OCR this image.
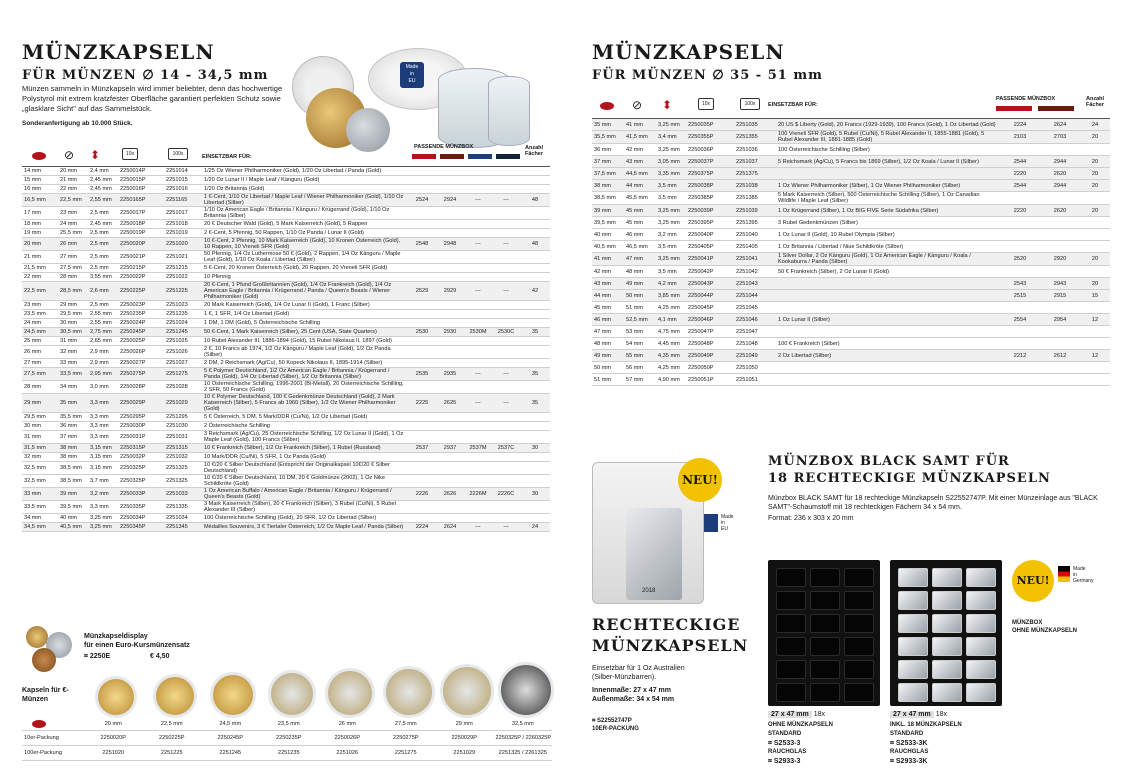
MÜNZKAPSELN
FÜR MÜNZEN ∅ 14 - 34,5 mm
Münzen sammeln in Münzkapseln wird immer beliebter, denn das hochwertige Polystyrol mit extrem kratzfester Oberfläche garantiert perfekten Schutz sowie „glasklare Sicht" auf das Sammelstück.
Sonderanfertigung ab 10.000 Stück.
Made
in
EU
⊘ ⬍	10x	100x	EINSETZBAR FÜR:
PASSENDE MÜNZBOX	Anzahl Fächer
14 mm	20 mm	2,4 mm	2250014P	2251014	1/25 Oz Wiener Philharmoniker (Gold), 1/20 Oz Libertad / Panda (Gold)					
15 mm	21 mm	2,45 mm	2250015P	2251015	1/20 Oz Lunar II / Maple Leaf / Känguru (Gold)					
16 mm	22 mm	2,45 mm	2250016P	2251016	1/20 Oz Britannia (Gold)					
16,5 mm	22,5 mm	2,55 mm	2250165P	2251165	1 €-Cent, 1/10 Oz Libertad / Maple Leaf / Wiener Philharmoniker (Gold), 1/10 Oz Libertad (Silber)	2524	2924	---	---	48
17 mm	23 mm	2,5 mm	2250017P	2251017	1/10 Oz American Eagle / Britannia / Känguru / Krügerrand (Gold), 1/10 Oz Britannia (Silber)					
18 mm	24 mm	2,45 mm	2250018P	2251018	20 € Deutscher Wald (Gold), 5 Mark Kaiserreich (Gold), 5 Rappen					
19 mm	25,5 mm	2,5 mm	2250019P	2251019	2 €-Cent, 5 Pfennig, 50 Rappen, 1/10 Oz Panda / Lunar II (Gold)					
20 mm	26 mm	2,5 mm	2250020P	2251020	10 €-Cent, 2 Pfennig, 10 Mark Kaiserreich (Gold), 10 Kronen Österreich (Gold), 10 Rappen, 10 Vreneli SFR (Gold)	2548	2948	---	---	48
21 mm	27 mm	2,5 mm	2250021P	2251021	50 Pfennig, 1/4 Oz Luthermose 50 € (Gold), 2 Rappen, 1/4 Oz Känguru / Maple Leaf (Gold), 1/10 Oz Koala / Libertad (Silber)					
21,5 mm	27,5 mm	2,5 mm	2250215P	2251215	5 €-Cent, 20 Kronen Österreich (Gold), 20 Rappen, 20 Vreneli SFR (Gold)					
22 mm	28 mm	3,55 mm	2250022P	2251022	10 Pfennig					
22,5 mm	28,5 mm	2,6 mm	2250225P	2251225	20 €-Cent, 1 Pfund Großbritannien (Gold), 1/4 Oz Frankreich (Gold), 1/4 Oz American Eagle / Britannia / Krügerrand / Panda / Queen's Beasts / Wiener Philharmoniker (Gold)	2529	2929	---	---	42
23 mm	29 mm	2,5 mm	2250023P	2251023	20 Mark Kaiserreich (Gold), 1/4 Oz Lunar II (Gold), 1 Franc (Silber)					
23,5 mm	29,5 mm	2,55 mm	2250235P	2251235	1 €, 1 SFR, 1/4 Oz Libertad (Gold)					
24 mm	30 mm	2,55 mm	2250024P	2251024	1 DM, 1 DM (Gold), 5 Österreichische Schilling					
24,5 mm	30,5 mm	2,75 mm	2250245P	2251245	50 €-Cent, 1 Mark Kaiserreich (Silber), 25 Cent (USA, State Quarters)	2530	2930	2530M	2530C	35
25 mm	31 mm	2,65 mm	2250025P	2251025	10 Rubel Alexander III, 1886-1894 (Gold), 15 Rubel Nikolaus II, 1897 (Gold)					
26 mm	32 mm	2,9 mm	2250026P	2251026	2 €, 10 Francs ab 1974, 1/2 Oz Känguru / Maple Leaf (Gold), 1/2 Oz Panda (Silber)					
27 mm	33 mm	2,9 mm	2250027P	2251027	2 DM, 2 Reichsmark (Ag/Cu), 50 Kopeck Nikolaus II, 1895-1914 (Silber)					
27,5 mm	33,5 mm	2,95 mm	2250275P	2251275	5 € Polymer Deutschland, 1/2 Oz American Eagle / Britannia / Krügerrand / Panda (Gold), 1/4 Oz Libertad (Silber), 1/2 Oz Britannia (Silber)	2535	2935	---	---	35
28 mm	34 mm	3,0 mm	2250028P	2251028	10 Österreichische Schilling, 1996-2001 (Bi-Metall), 20 Österreichische Schilling, 2 SFR, 50 Francs (Gold)					
29 mm	35 mm	3,3 mm	2250029P	2251029	10 € Polymer Deutschland, 100 € Gedenkmünze Deutschland (Gold), 2 Mark Kaiserreich (Silber), 5 Francs ab 1960 (Silber), 1/2 Oz Wiener Philharmoniker (Gold)	2225	2625	---	---	35
29,5 mm	35,5 mm	3,3 mm	2250295P	2251295	5 € Österreich, 5 DM, 5 Mark/DDR (Cu/Ni), 1/2 Oz Libertad (Gold)					
30 mm	36 mm	3,3 mm	2250030P	2251030	2 Österreichische Schilling					
31 mm	37 mm	3,3 mm	2250031P	2251031	3 Reichsmark (Ag/Cu), 25 Österreichische Schilling, 1/2 Oz Lunar II (Gold), 1 Oz Maple Leaf (Gold), 100 Francs (Silber)					
31,5 mm	38 mm	3,15 mm	2250315P	2251315	10 € Frankreich (Silber), 1/2 Oz Frankreich (Silber), 1 Rubel (Russland)	2537	2937	2537M	2537C	30
32 mm	38 mm	3,15 mm	2250032P	2251032	10 Mark/DDR (Cu/Ni), 5 SFR, 1 Oz Panda (Gold)					
32,5 mm	38,5 mm	3,15 mm	2250325P	2251325	10 €/20 € Silber Deutschland (Entspricht der Originalkapsel 10€/20 € Silber Deutschland)					
32,5 mm	38,5 mm	3,7 mm	2250325P	2251325	10 €/20 € Silber Deutschland, 10 DM, 20 € Goldmünze (2002), 1 Oz Nike Schildkröte (Gold)					
33 mm	39 mm	3,2 mm	2250033P	2251033	1 Oz American Buffalo / American Eagle / Britannia / Känguru / Krügerrand / Queen's Beasts (Gold)	2226	2626	2226M	2226C	30
33,5 mm	39,5 mm	3,3 mm	2250335P	2251335	3 Mark Kaiserreich (Silber), 20 € Frankreich (Silber), 3 Rubel (Cu/Ni), 5 Rubel Alexander III (Silber)					
34 mm	40 mm	3,25 mm	2250034P	2251034	100 Österreichische Schilling (Gold), 20 SFR, 1/2 Oz Libertad (Silber)					
34,5 mm	40,5 mm	3,25 mm	2250345P	2251345	Médailles Souvenirs, 3 € Tiertaler Österreich, 1/2 Oz Maple Leaf / Panda (Silber)	2224	2624	---	---	24
Münzkapseldisplay
für einen Euro-Kursmünzensatz
⌗ 2250E	€ 4,50
Kapseln für €-Münzen
	20 mm	22,5 mm	24,5 mm	23,5 mm	26 mm	27,5 mm	29 mm	32,5 mm
10er-Packung	2250020P	2250225P	2250245P	2250235P	2250026P	2250275P	2250029P	2250325P / 2260325P
100er-Packung	2251020	2251225	2251245	2251235	2251026	2251275	2251029	2251325 / 2261325
MÜNZKAPSELN
FÜR MÜNZEN ∅ 35 - 51 mm
⊘ ⬍	10x	100x	EINSETZBAR FÜR:
PASSENDE MÜNZBOX	Anzahl Fächer
35 mm	41 mm	3,25 mm	2250035P	2251035	20 US $ Liberty (Gold), 20 Francs (1929-1939), 100 Francs (Gold), 1 Oz Libertad (Gold)	2224	2624	24
35,5 mm	41,5 mm	3,4 mm	2250355P	2251355	100 Vreneli SFR (Gold), 5 Rubel (Cu/Ni), 5 Rubel Alexander II, 1855-1881 (Gold), 5 Rubel Alexander III, 1881-1885 (Gold)	2103	2703	20
36 mm	42 mm	3,25 mm	2250036P	2251036	100 Österreichische Schilling (Silber)			
37 mm	43 mm	3,05 mm	2250037P	2251037	5 Reichsmark (Ag/Cu), 5 Francs bis 1869 (Silber), 1/2 Oz Koala / Lunar II (Silber)	2544	2944	20
37,5 mm	44,5 mm	3,35 mm	2250375P	2251375		2220	2620	20
38 mm	44 mm	3,5 mm	2250038P	2251038	1 Oz Wiener Philharmoniker (Silber), 1 Oz Wiener Philharmoniker (Silber)	2544	2944	20
38,5 mm	45,5 mm	3,5 mm	2250385P	2251385	5 Mark Kaiserreich (Silber), 500 Österreichische Schilling (Silber), 1 Oz Canadian Wildlife / Maple Leaf (Silber)			
39 mm	45 mm	3,25 mm	2250039P	2251039	1 Oz Krügerrand (Silber), 1 Oz BIG FIVE Serie Südafrika (Silber)	2220	2620	20
39,5 mm	45 mm	3,25 mm	2250395P	2251395	3 Rubel Gedenkmünzen (Silber)			
40 mm	46 mm	3,2 mm	2250040P	2251040	1 Oz Lunar II (Gold), 10 Rubel Olympia (Silber)			
40,5 mm	46,5 mm	3,5 mm	2250405P	2251405	1 Oz Britannia / Libertad / Niue Schildkröte (Silber)			
41 mm	47 mm	3,25 mm	2250041P	2251041	1 Silver Dollar, 2 Oz Känguru (Gold), 1 Oz American Eagle / Känguru / Koala / Kookaburra / Panda (Silber)	2520	2920	20
42 mm	48 mm	3,5 mm	2250042P	2251042	50 € Frankreich (Silber), 2 Oz Lunar II (Gold)			
43 mm	49 mm	4,2 mm	2250043P	2251043		2543	2943	20
44 mm	50 mm	3,85 mm	2250044P	2251044		2515	2915	15
45 mm	51 mm	4,25 mm	2250045P	2251045				
46 mm	52,5 mm	4,1 mm	2250046P	2251046	1 Oz Lunar II (Silber)	2554	2954	12
47 mm	53 mm	4,75 mm	2250047P	2251047				
48 mm	54 mm	4,45 mm	2250048P	2251048	100 € Frankreich (Silber)			
49 mm	55 mm	4,35 mm	2250049P	2251049	2 Oz Libertad (Silber)	2212	2612	12
50 mm	56 mm	4,25 mm	2250050P	2251050				
51 mm	57 mm	4,90 mm	2250051P	2251051				
2018
NEU!
Made
in
EU
RECHTECKIGE
MÜNZKAPSELN
Einsetzbar für 1 Oz Australien
(Silber-Münzbarren).
Innenmaße: 27 x 47 mm
Außenmaße: 34 x 54 mm
⌗ S22552747P
10ER-PACKUNG
MÜNZBOX BLACK SAMT FÜR
18 RECHTECKIGE MÜNZKAPSELN
Münzbox BLACK SAMT für 18 rechteckige Münzkapseln S22552747P. Mit einer Münzeinlage aus "BLACK SAMT"-Schaumstoff mit 18 rechteckigen Fächern 34 x 54 mm.
Format: 236 x 303 x 20 mm
NEU!
Made
in
Germany
MÜNZBOX
OHNE MÜNZKAPSELN
27 x 47 mm 18x
OHNE MÜNZKAPSELN
STANDARD
⌗ S2533-3
RAUCHGLAS
⌗ S2933-3
27 x 47 mm 18x
INKL. 18 MÜNZKAPSELN
STANDARD
⌗ S2533-3K
RAUCHGLAS
⌗ S2933-3K
